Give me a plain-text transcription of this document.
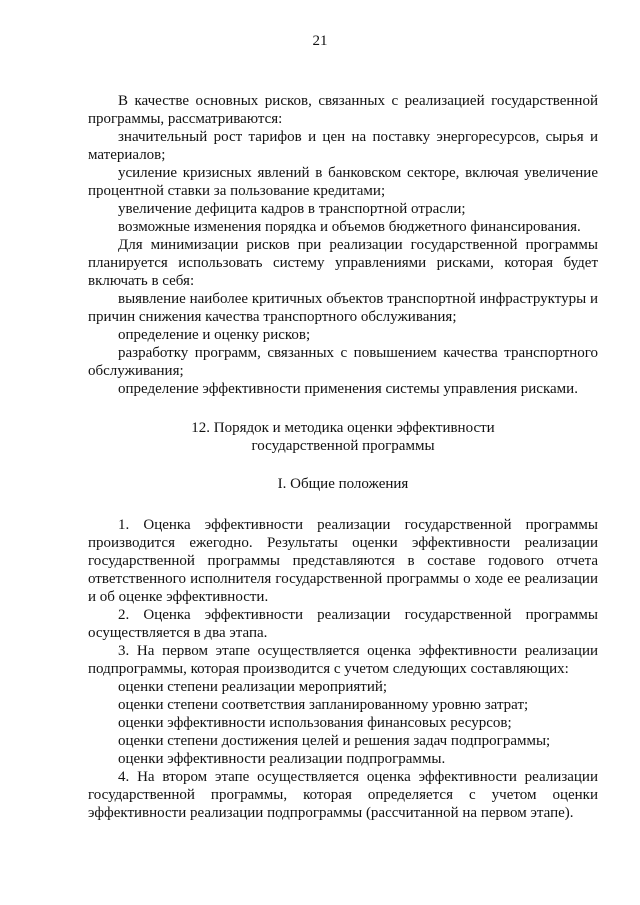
21

В качестве основных рисков, связанных с реализацией государственной программы, рассматриваются:

значительный рост тарифов и цен на поставку энергоресурсов, сырья и материалов;

усиление кризисных явлений в банковском секторе, включая увеличение процентной ставки за пользование кредитами;

увеличение дефицита кадров в транспортной отрасли;

возможные изменения порядка и объемов бюджетного финансирования.

Для минимизации рисков при реализации государственной программы планируется использовать систему управлениями рисками, которая будет включать в себя:

выявление наиболее критичных объектов транспортной инфраструктуры и причин снижения качества транспортного обслуживания;

определение и оценку рисков;

разработку программ, связанных с повышением качества транспортного обслуживания;

определение эффективности применения системы управления рисками.

12. Порядок и методика оценки эффективности
государственной программы
I. Общие положения

1. Оценка эффективности реализации государственной программы производится ежегодно. Результаты оценки эффективности реализации государственной программы представляются в составе годового отчета ответственного исполнителя государственной программы о ходе ее реализации и об оценке эффективности.

2. Оценка эффективности реализации государственной программы осуществляется в два этапа.

3. На первом этапе осуществляется оценка эффективности реализации подпрограммы, которая производится с учетом следующих составляющих:

оценки степени реализации мероприятий;

оценки степени соответствия запланированному уровню затрат;

оценки эффективности использования финансовых ресурсов;

оценки степени достижения целей и решения задач подпрограммы;

оценки эффективности реализации подпрограммы.

4. На втором этапе осуществляется оценка эффективности реализации государственной программы, которая определяется с учетом оценки эффективности реализации подпрограммы (рассчитанной на первом этапе).
